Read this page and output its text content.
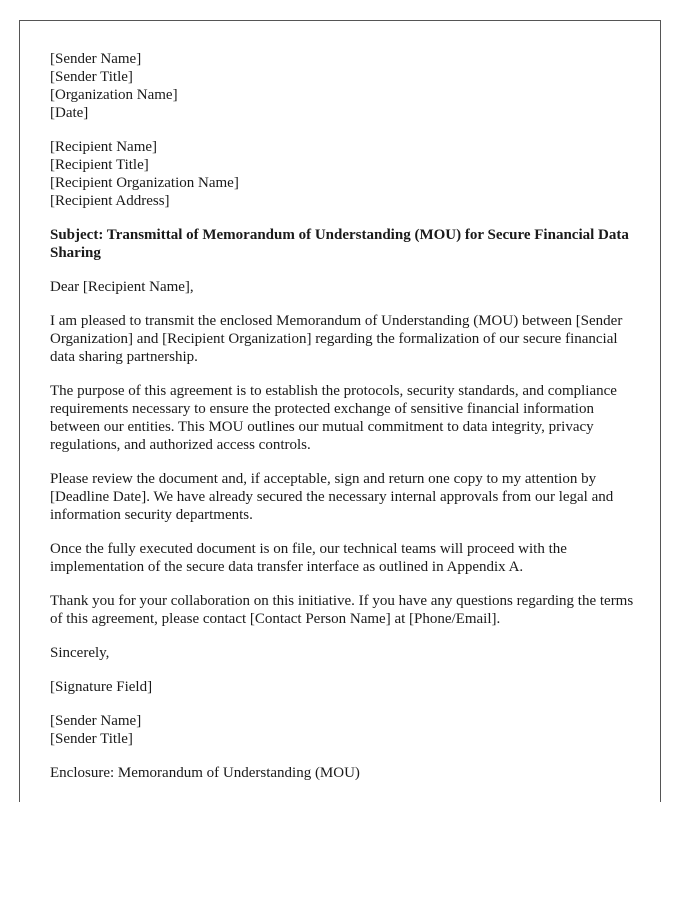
[Sender Name]
[Sender Title]
[Organization Name]
[Date]
[Recipient Name]
[Recipient Title]
[Recipient Organization Name]
[Recipient Address]

Subject: Transmittal of Memorandum of Understanding (MOU) for Secure Financial Data Sharing

Dear [Recipient Name],

I am pleased to transmit the enclosed Memorandum of Understanding (MOU) between [Sender Organization] and [Recipient Organization] regarding the formalization of our secure financial data sharing partnership.

The purpose of this agreement is to establish the protocols, security standards, and compliance requirements necessary to ensure the protected exchange of sensitive financial information between our entities. This MOU outlines our mutual commitment to data integrity, privacy regulations, and authorized access controls.

Please review the document and, if acceptable, sign and return one copy to my attention by [Deadline Date]. We have already secured the necessary internal approvals from our legal and information security departments.

Once the fully executed document is on file, our technical teams will proceed with the implementation of the secure data transfer interface as outlined in Appendix A.

Thank you for your collaboration on this initiative. If you have any questions regarding the terms of this agreement, please contact [Contact Person Name] at [Phone/Email].

Sincerely,

[Signature Field]

[Sender Name]
[Sender Title]

Enclosure: Memorandum of Understanding (MOU)
